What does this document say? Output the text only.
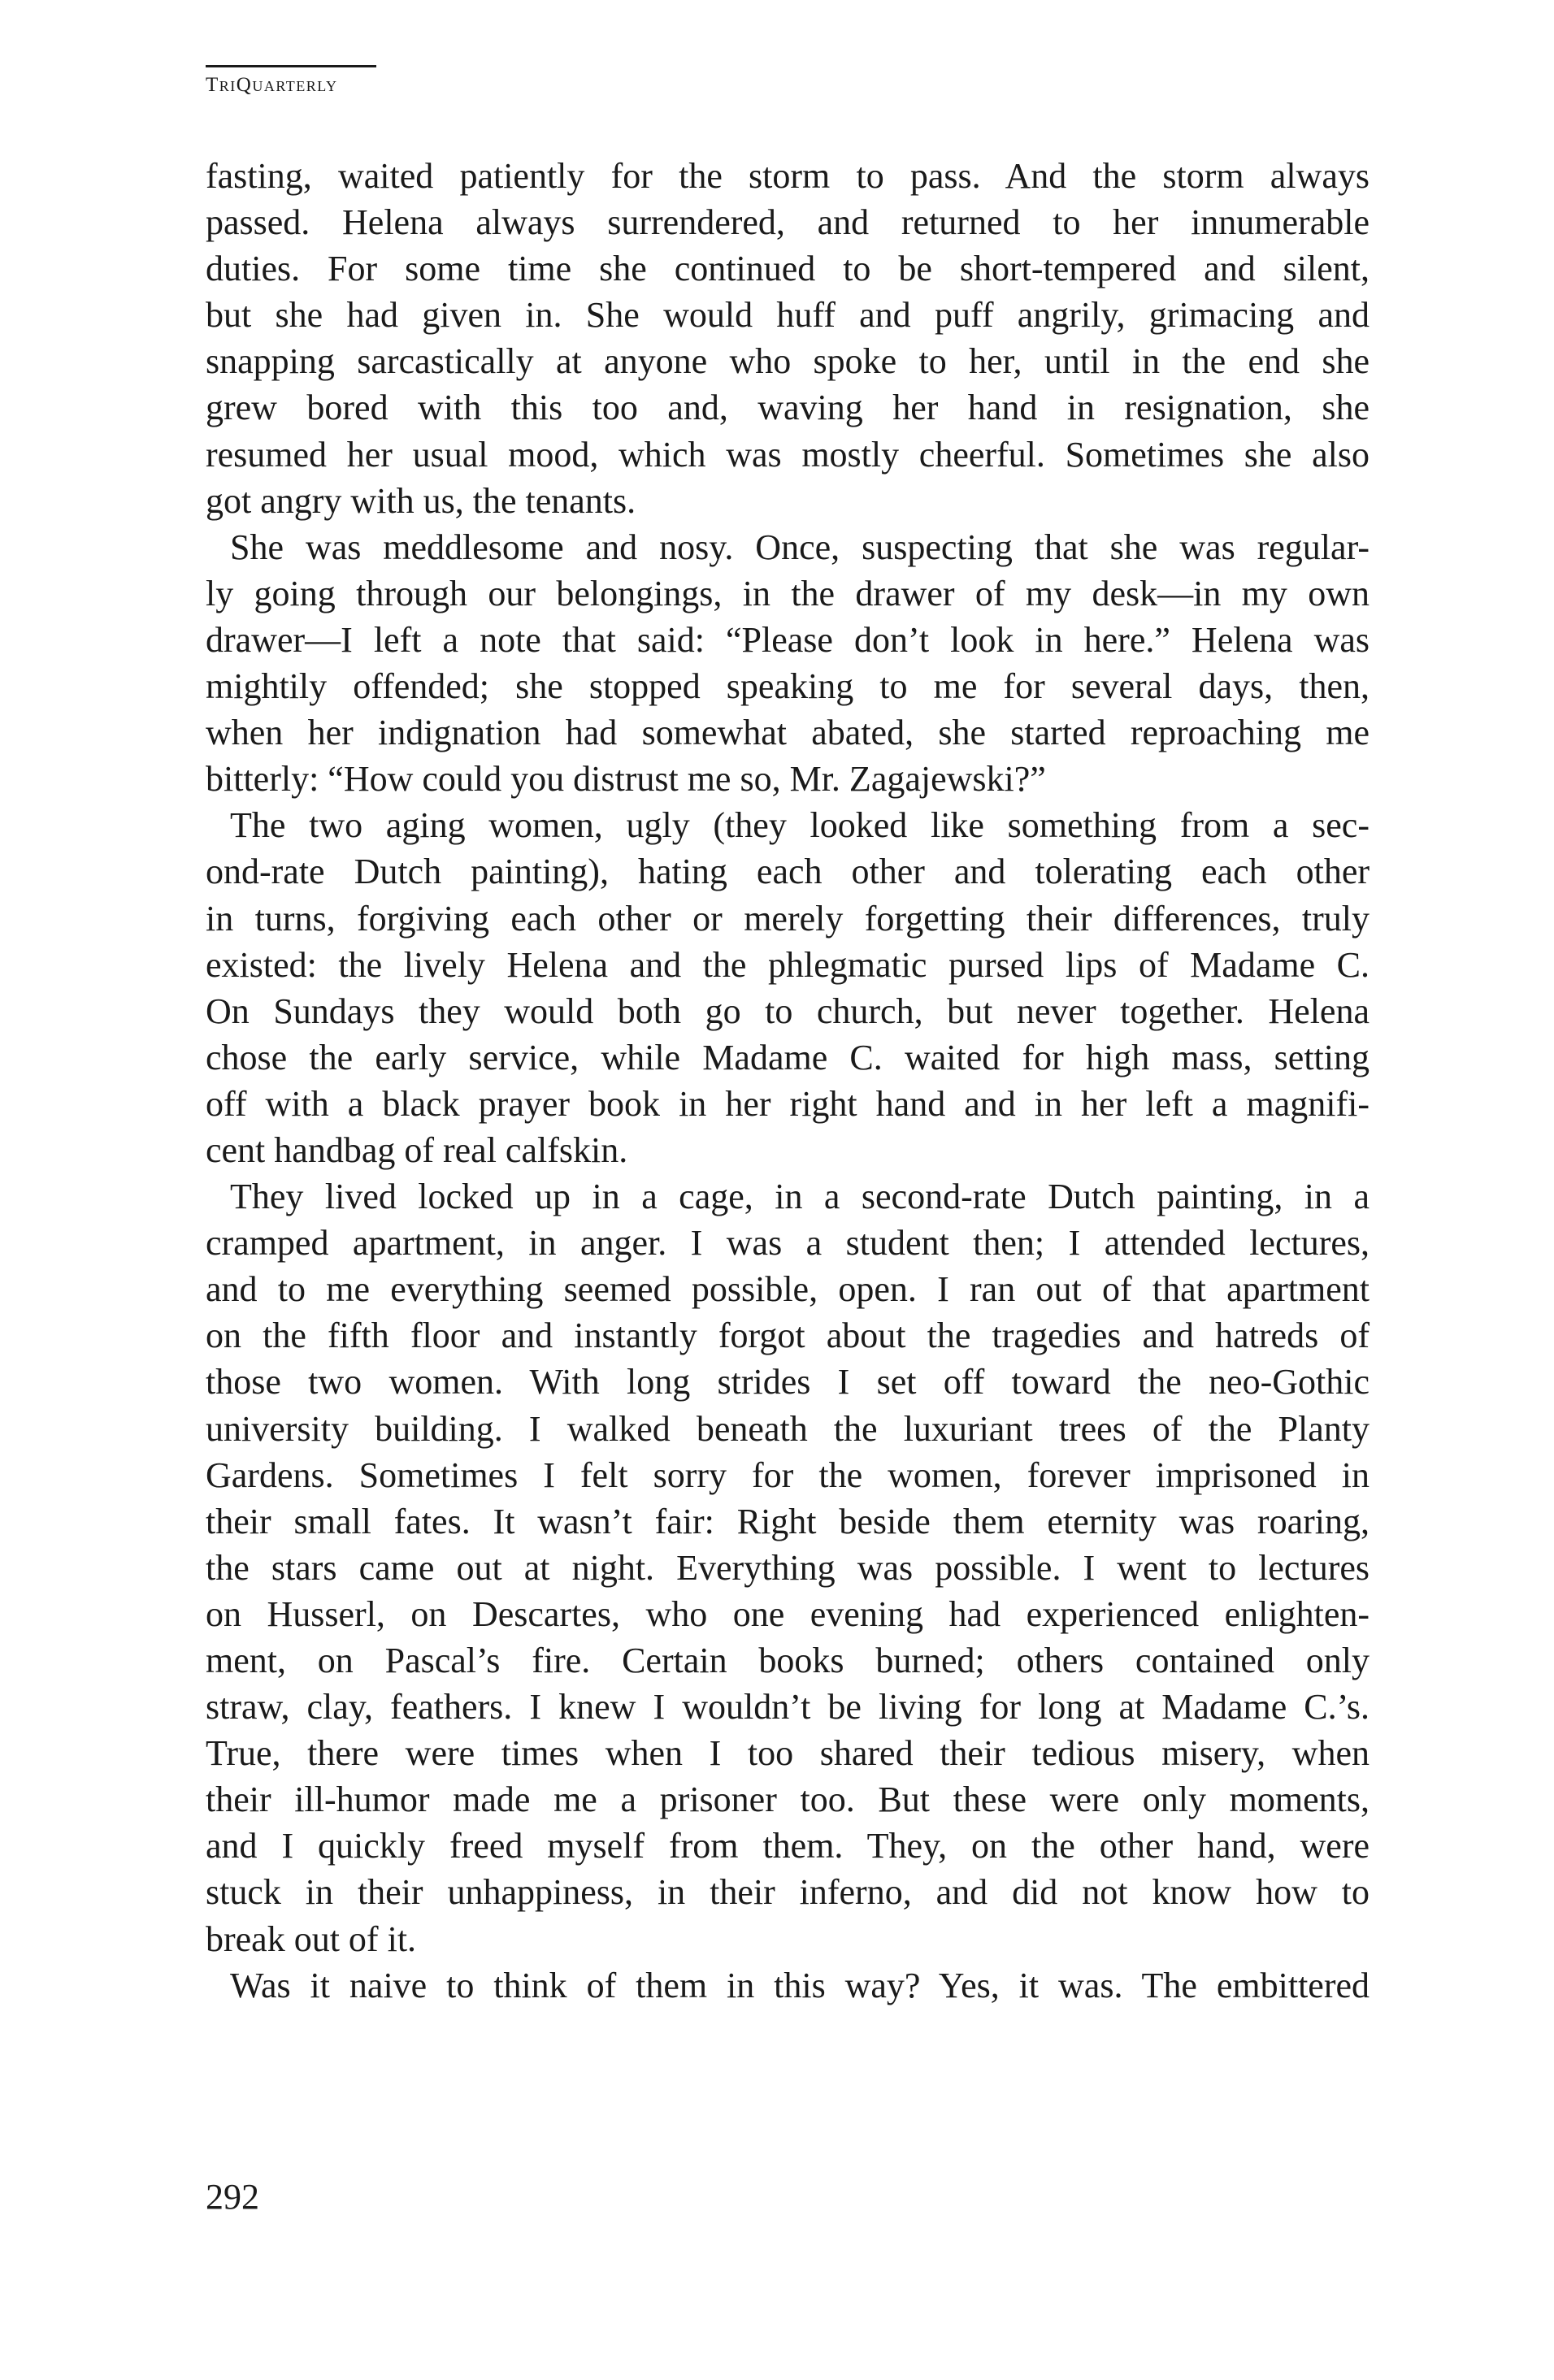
TriQuarterly

fasting, waited patiently for the storm to pass. And the storm always
passed. Helena always surrendered, and returned to her innumerable
duties. For some time she continued to be short-tempered and silent,
but she had given in. She would huff and puff angrily, grimacing and
snapping sarcastically at anyone who spoke to her, until in the end she
grew bored with this too and, waving her hand in resignation, she
resumed her usual mood, which was mostly cheerful. Sometimes she also
got angry with us, the tenants.

She was meddlesome and nosy. Once, suspecting that she was regular-
ly going through our belongings, in the drawer of my desk—in my own
drawer—I left a note that said: “Please don’t look in here.” Helena was
mightily offended; she stopped speaking to me for several days, then,
when her indignation had somewhat abated, she started reproaching me
bitterly: “How could you distrust me so, Mr. Zagajewski?”

The two aging women, ugly (they looked like something from a sec-
ond-rate Dutch painting), hating each other and tolerating each other
in turns, forgiving each other or merely forgetting their differences, truly
existed: the lively Helena and the phlegmatic pursed lips of Madame C.
On Sundays they would both go to church, but never together. Helena
chose the early service, while Madame C. waited for high mass, setting
off with a black prayer book in her right hand and in her left a magnifi-
cent handbag of real calfskin.

They lived locked up in a cage, in a second-rate Dutch painting, in a
cramped apartment, in anger. I was a student then; I attended lectures,
and to me everything seemed possible, open. I ran out of that apartment
on the fifth floor and instantly forgot about the tragedies and hatreds of
those two women. With long strides I set off toward the neo-Gothic
university building. I walked beneath the luxuriant trees of the Planty
Gardens. Sometimes I felt sorry for the women, forever imprisoned in
their small fates. It wasn’t fair: Right beside them eternity was roaring,
the stars came out at night. Everything was possible. I went to lectures
on Husserl, on Descartes, who one evening had experienced enlighten-
ment, on Pascal’s fire. Certain books burned; others contained only
straw, clay, feathers. I knew I wouldn’t be living for long at Madame C.’s.
True, there were times when I too shared their tedious misery, when
their ill-humor made me a prisoner too. But these were only moments,
and I quickly freed myself from them. They, on the other hand, were
stuck in their unhappiness, in their inferno, and did not know how to
break out of it.

Was it naive to think of them in this way? Yes, it was. The embittered

292
